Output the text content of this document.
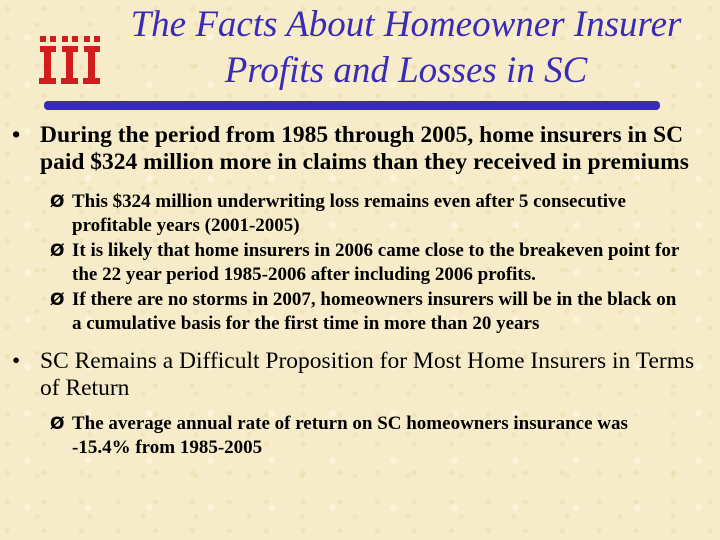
The Facts About Homeowner Insurer
Profits and Losses in SC
• During the period from 1985 through 2005, home insurers in SC paid $324 million more in claims than they received in premiums
Ø This $324 million underwriting loss remains even after 5 consecutive profitable years (2001-2005)
Ø It is likely that home insurers in 2006 came close to the breakeven point for the 22 year period 1985-2006 after including 2006 profits.
Ø If there are no storms in 2007, homeowners insurers will be in the black on a cumulative basis for the first time in more than 20 years
• SC Remains a Difficult Proposition for Most Home Insurers in Terms of Return
Ø The average annual rate of return on SC homeowners insurance was -15.4% from 1985-2005
